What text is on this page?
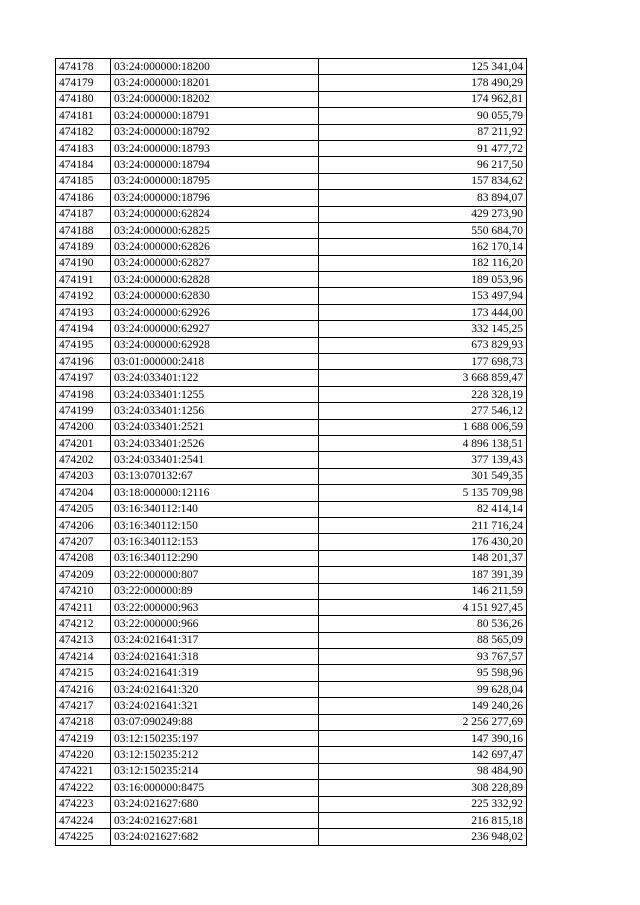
474178	03:24:000000:18200	125 341,04
474179	03:24:000000:18201	178 490,29
474180	03:24:000000:18202	174 962,81
474181	03:24:000000:18791	90 055,79
474182	03:24:000000:18792	87 211,92
474183	03:24:000000:18793	91 477,72
474184	03:24:000000:18794	96 217,50
474185	03:24:000000:18795	157 834,62
474186	03:24:000000:18796	83 894,07
474187	03:24:000000:62824	429 273,90
474188	03:24:000000:62825	550 684,70
474189	03:24:000000:62826	162 170,14
474190	03:24:000000:62827	182 116,20
474191	03:24:000000:62828	189 053,96
474192	03:24:000000:62830	153 497,94
474193	03:24:000000:62926	173 444,00
474194	03:24:000000:62927	332 145,25
474195	03:24:000000:62928	673 829,93
474196	03:01:000000:2418	177 698,73
474197	03:24:033401:122	3 668 859,47
474198	03:24:033401:1255	228 328,19
474199	03:24:033401:1256	277 546,12
474200	03:24:033401:2521	1 688 006,59
474201	03:24:033401:2526	4 896 138,51
474202	03:24:033401:2541	377 139,43
474203	03:13:070132:67	301 549,35
474204	03:18:000000:12116	5 135 709,98
474205	03:16:340112:140	82 414,14
474206	03:16:340112:150	211 716,24
474207	03:16:340112:153	176 430,20
474208	03:16:340112:290	148 201,37
474209	03:22:000000:807	187 391,39
474210	03:22:000000:89	146 211,59
474211	03:22:000000:963	4 151 927,45
474212	03:22:000000:966	80 536,26
474213	03:24:021641:317	88 565,09
474214	03:24:021641:318	93 767,57
474215	03:24:021641:319	95 598,96
474216	03:24:021641:320	99 628,04
474217	03:24:021641:321	149 240,26
474218	03:07:090249:88	2 256 277,69
474219	03:12:150235:197	147 390,16
474220	03:12:150235:212	142 697,47
474221	03:12:150235:214	98 484,90
474222	03:16:000000:8475	308 228,89
474223	03:24:021627:680	225 332,92
474224	03:24:021627:681	216 815,18
474225	03:24:021627:682	236 948,02
